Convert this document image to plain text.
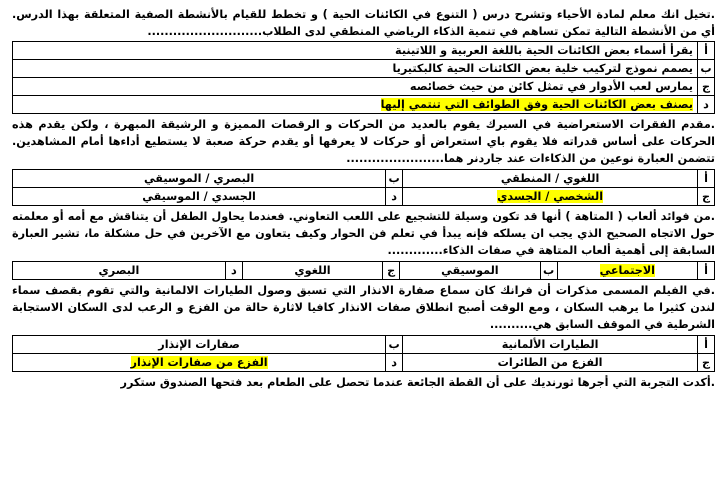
.تخيل انك معلم لمادة الأحياء وتشرح درس ( التنوع في الكائنات الحية ) و تخطط للقيام بالأنشطة الصفية المتعلقة بهذا الدرس. أي من الأنشطة التالية تمكن تساهم في تنمية الذكاء الرياضي المنطقي لدى الطلاب...........................
أ	يقرأ أسماء بعض الكائنات الحية باللغة العربية و اللاتينية
ب	يصمم نموذج لتركيب خلية بعض الكائنات الحية كالبكتيريا
ج	يمارس لعب الأدوار في تمثل كائن من حيث خصائصه
د	يصنف بعض الكائنات الحية وفق الطوائف التي تنتمي إليها
.مقدم الفقرات الاستعراضية في السيرك يقوم بالعديد من الحركات و الرقصات المميزة و الرشيقة المبهرة ، ولكن يقدم هذه الحركات على أساس قدراته فلا يقوم باي استعراض أو حركات لا يعرفها أو يقدم حركة صعبة لا يستطيع أداءها أمام المشاهدين. تتضمن العبارة نوعين من الذكاءات عند جاردنر هما.......................
أ	اللغوي / المنطقي	ب	البصري / الموسيقي
ج	الشخصي / الجسدي	د	الجسدي / الموسيقي
.من فوائد ألعاب ( المتاهة ) أنها قد تكون وسيلة للتشجيع على اللعب التعاوني. فعندما يحاول الطفل أن يتناقش مع أمه أو معلمته حول الاتجاه الصحيح الذي يجب ان يسلكه فإنه يبدأ في تعلم فن الحوار وكيف يتعاون مع الآخرين في حل مشكلة ما، تشير العبارة السابقة إلى أهمية ألعاب المتاهة في صفات الذكاء.............
أ	الاجتماعي	ب	الموسيقي	ج	اللغوي	د	البصري
.في الفيلم المسمى مذكرات أن فرانك كان سماع صفارة الانذار التي تسبق وصول الطيارات الالمانية والتي تقوم بقصف سماء لندن كثيرا ما يرهب السكان ، ومع الوقت أصبح انطلاق صفات الانذار كافيا لاثارة حالة من الفزع و الرعب لدى السكان الاستجابة الشرطية في الموقف السابق هي..........
أ	الطيارات الألمانية	ب	صفارات الإنذار
ج	الفزع من الطائرات	د	الفزع من صفارات الإنذار
.أكدت التجربة التي أجرها ثورنديك على أن القطة الجائعة عندما تحصل على الطعام بعد فتحها الصندوق ستكرر
